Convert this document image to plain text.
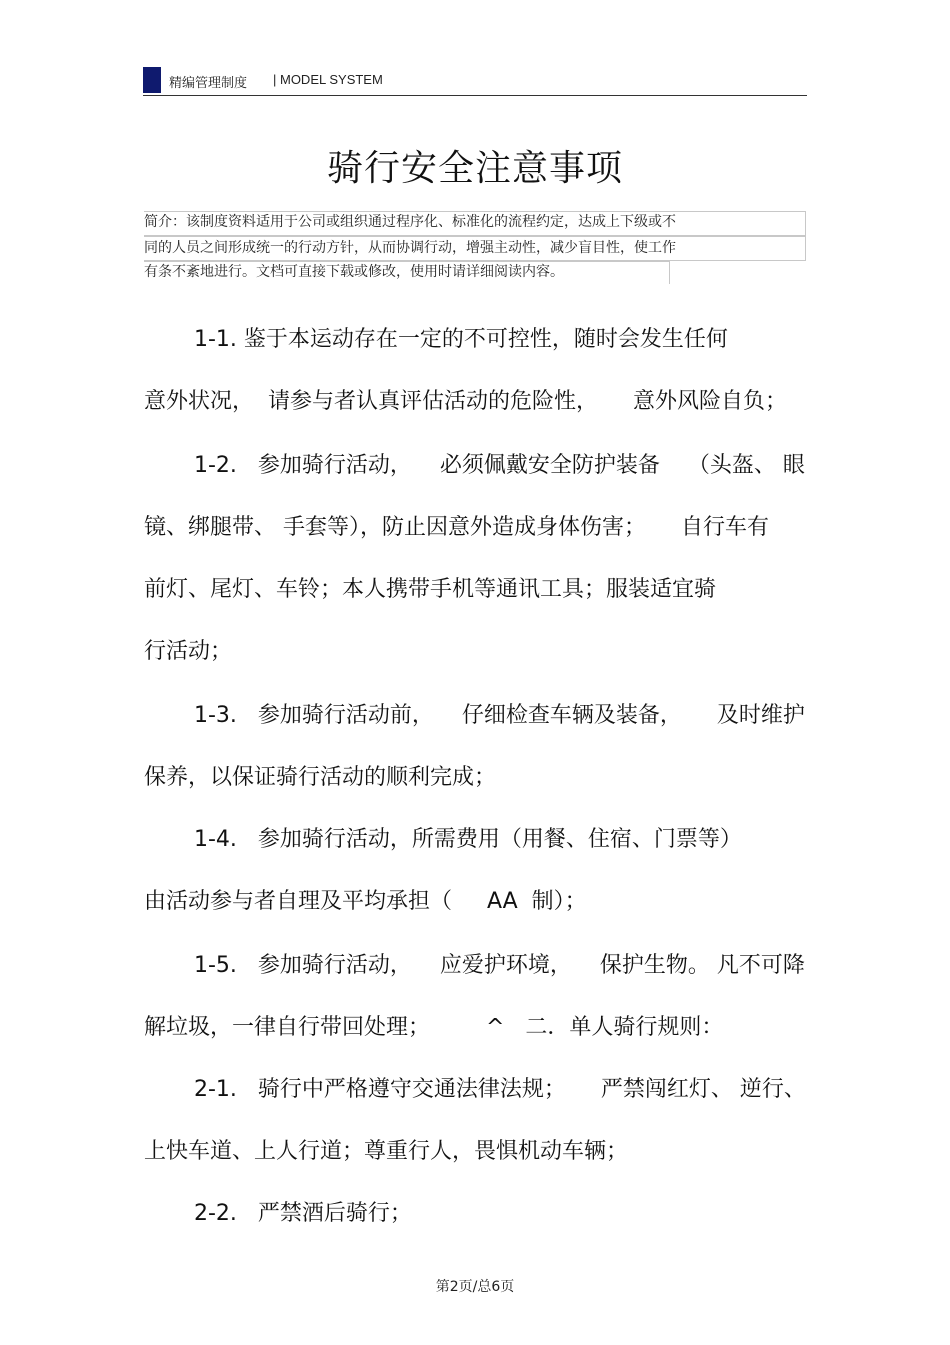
精编管理制度 | MODEL SYSTEM
骑行安全注意事项
简介：该制度资料适用于公司或组织通过程序化、标准化的流程约定，达成上下级或不
同的人员之间形成统一的行动方针，从而协调行动，增强主动性，减少盲目性，使工作
有条不紊地进行。文档可直接下载或修改，使用时请详细阅读内容。
1-1. 鉴于本运动存在一定的不可控性，随时会发生任何
意外状况，  请参与者认真评估活动的危险性，     意外风险自负；
1-2.   参加骑行活动，    必须佩戴安全防护装备    （头盔、 眼
镜、绑腿带、 手套等），防止因意外造成身体伤害；     自行车有
前灯、尾灯、车铃；本人携带手机等通讯工具；服装适宜骑
行活动；
1-3.   参加骑行活动前，    仔细检查车辆及装备，     及时维护
保养，以保证骑行活动的顺利完成；
1-4.   参加骑行活动，所需费用（用餐、住宿、门票等）
由活动参与者自理及平均承担（     AA  制）；
1-5.   参加骑行活动，    应爱护环境，    保护生物。 凡不可降
解垃圾，一律自行带回处理；        ^   二．单人骑行规则：
2-1.   骑行中严格遵守交通法律法规；     严禁闯红灯、 逆行、
上快车道、上人行道；尊重行人，畏惧机动车辆；
2-2.   严禁酒后骑行；
第2页/总6页
